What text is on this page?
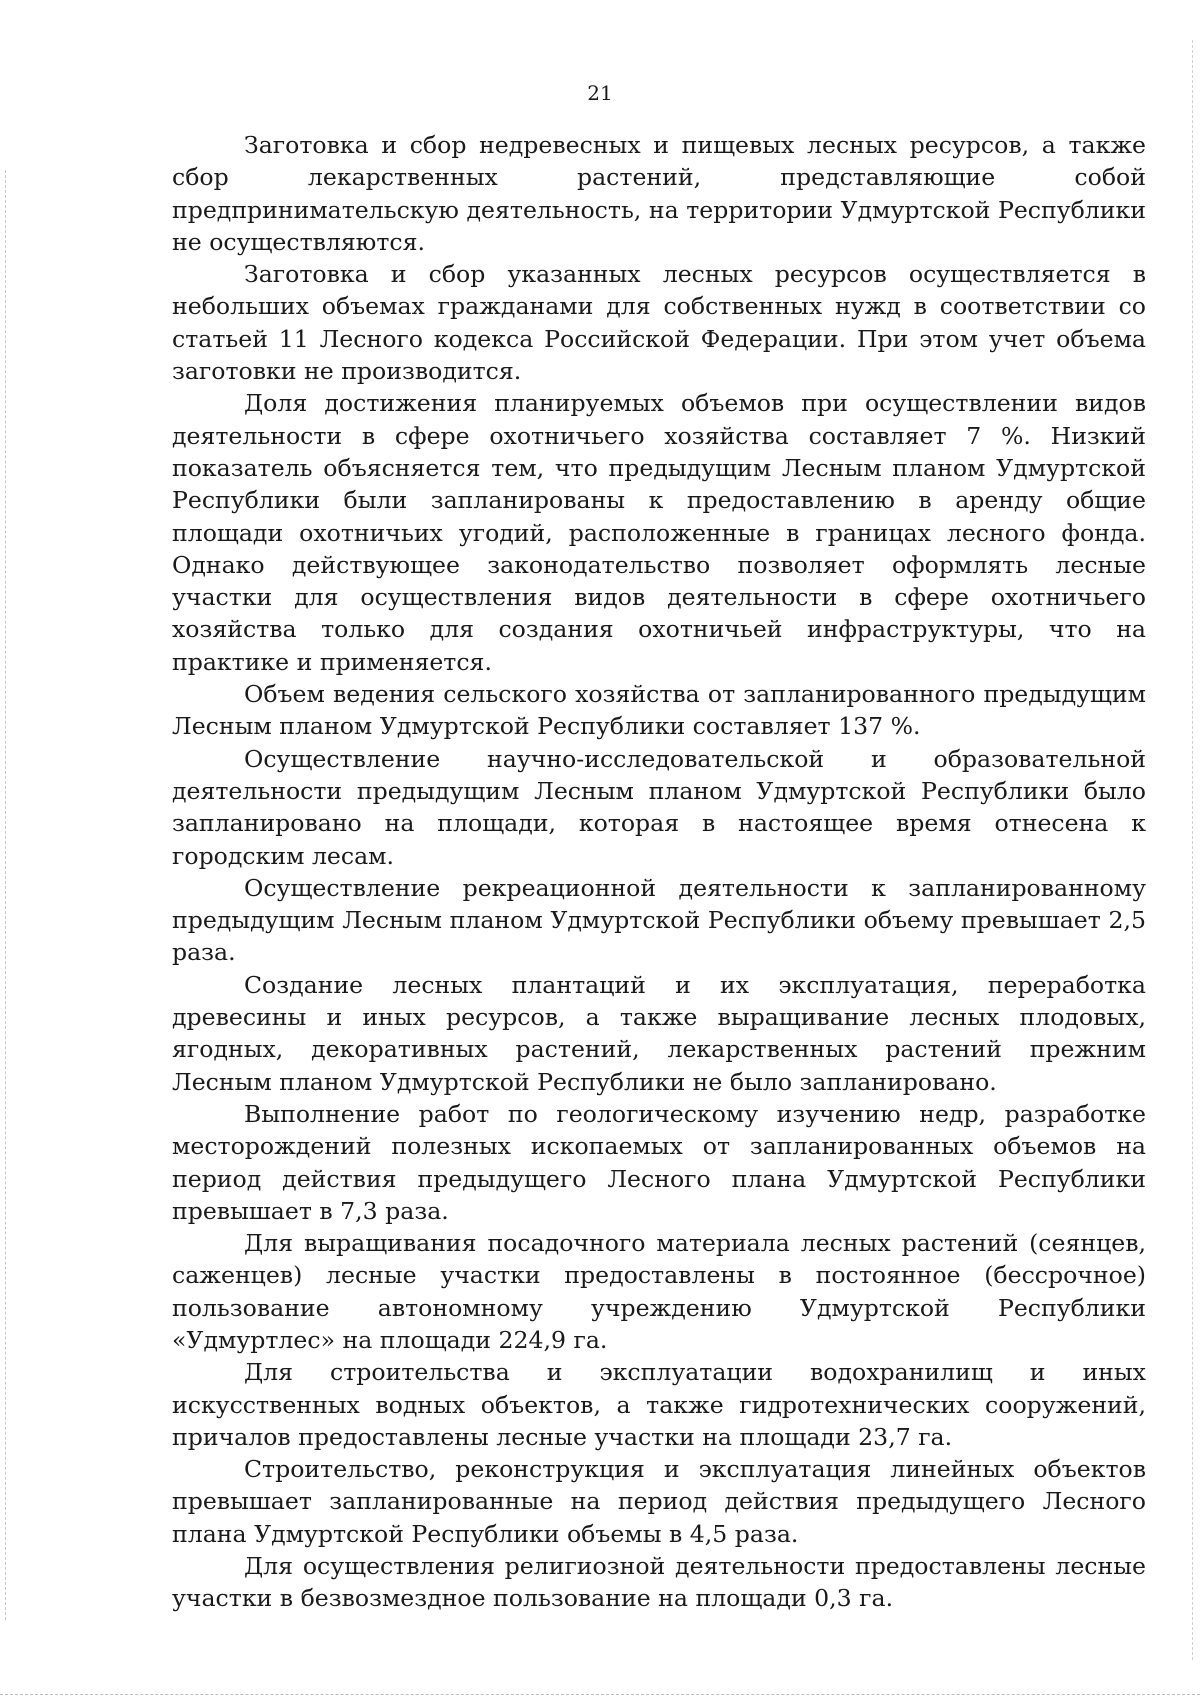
21

Заготовка и сбор недревесных и пищевых лесных ресурсов, а также сбор лекарственных растений, представляющие собой предпринимательскую деятельность, на территории Удмуртской Республики не осуществляются.

Заготовка и сбор указанных лесных ресурсов осуществляется в небольших объемах гражданами для собственных нужд в соответствии со статьей 11 Лесного кодекса Российской Федерации. При этом учет объема заготовки не производится.

Доля достижения планируемых объемов при осуществлении видов деятельности в сфере охотничьего хозяйства составляет 7 %. Низкий показатель объясняется тем, что предыдущим Лесным планом Удмуртской Республики были запланированы к предоставлению в аренду общие площади охотничьих угодий, расположенные в границах лесного фонда. Однако действующее законодательство позволяет оформлять лесные участки для осуществления видов деятельности в сфере охотничьего хозяйства только для создания охотничьей инфраструктуры, что на практике и применяется.

Объем ведения сельского хозяйства от запланированного предыдущим Лесным планом Удмуртской Республики составляет 137 %.

Осуществление научно-исследовательской и образовательной деятельности предыдущим Лесным планом Удмуртской Республики было запланировано на площади, которая в настоящее время отнесена к городским лесам.

Осуществление рекреационной деятельности к запланированному предыдущим Лесным планом Удмуртской Республики объему превышает 2,5 раза.

Создание лесных плантаций и их эксплуатация, переработка древесины и иных ресурсов, а также выращивание лесных плодовых, ягодных, декоративных растений, лекарственных растений прежним Лесным планом Удмуртской Республики не было запланировано.

Выполнение работ по геологическому изучению недр, разработке месторождений полезных ископаемых от запланированных объемов на период действия предыдущего Лесного плана Удмуртской Республики превышает в 7,3 раза.

Для выращивания посадочного материала лесных растений (сеянцев, саженцев) лесные участки предоставлены в постоянное (бессрочное) пользование автономному учреждению Удмуртской Республики «Удмуртлес» на площади 224,9 га.

Для строительства и эксплуатации водохранилищ и иных искусственных водных объектов, а также гидротехнических сооружений, причалов предоставлены лесные участки на площади 23,7 га.

Строительство, реконструкция и эксплуатация линейных объектов превышает запланированные на период действия предыдущего Лесного плана Удмуртской Республики объемы в 4,5 раза.

Для осуществления религиозной деятельности предоставлены лесные участки в безвозмездное пользование на площади 0,3 га.
